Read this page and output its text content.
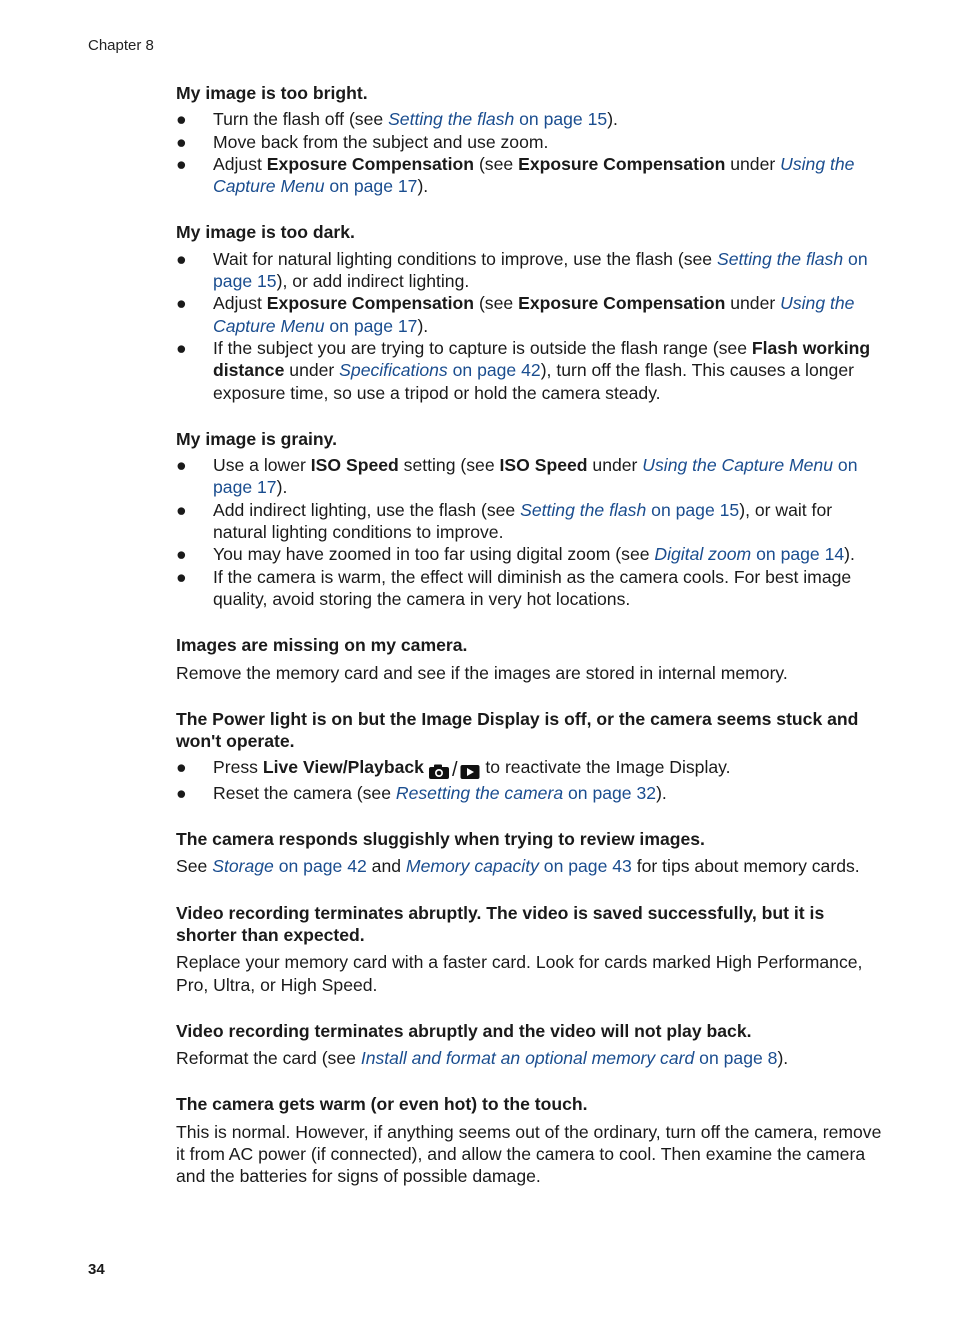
Chapter 8
My image is too bright.
● Turn the flash off (see Setting the flash on page 15).
● Move back from the subject and use zoom.
● Adjust Exposure Compensation (see Exposure Compensation under Using the Capture Menu on page 17).
My image is too dark.
● Wait for natural lighting conditions to improve, use the flash (see Setting the flash on page 15), or add indirect lighting.
● Adjust Exposure Compensation (see Exposure Compensation under Using the Capture Menu on page 17).
● If the subject you are trying to capture is outside the flash range (see Flash working distance under Specifications on page 42), turn off the flash. This causes a longer exposure time, so use a tripod or hold the camera steady.
My image is grainy.
● Use a lower ISO Speed setting (see ISO Speed under Using the Capture Menu on page 17).
● Add indirect lighting, use the flash (see Setting the flash on page 15), or wait for natural lighting conditions to improve.
● You may have zoomed in too far using digital zoom (see Digital zoom on page 14).
● If the camera is warm, the effect will diminish as the camera cools. For best image quality, avoid storing the camera in very hot locations.
Images are missing on my camera.
Remove the memory card and see if the images are stored in internal memory.
The Power light is on but the Image Display is off, or the camera seems stuck and won't operate.
● Press Live View/Playback / to reactivate the Image Display.
● Reset the camera (see Resetting the camera on page 32).
The camera responds sluggishly when trying to review images.
See Storage on page 42 and Memory capacity on page 43 for tips about memory cards.
Video recording terminates abruptly. The video is saved successfully, but it is shorter than expected.
Replace your memory card with a faster card. Look for cards marked High Performance, Pro, Ultra, or High Speed.
Video recording terminates abruptly and the video will not play back.
Reformat the card (see Install and format an optional memory card on page 8).
The camera gets warm (or even hot) to the touch.
This is normal. However, if anything seems out of the ordinary, turn off the camera, remove it from AC power (if connected), and allow the camera to cool. Then examine the camera and the batteries for signs of possible damage.
34
